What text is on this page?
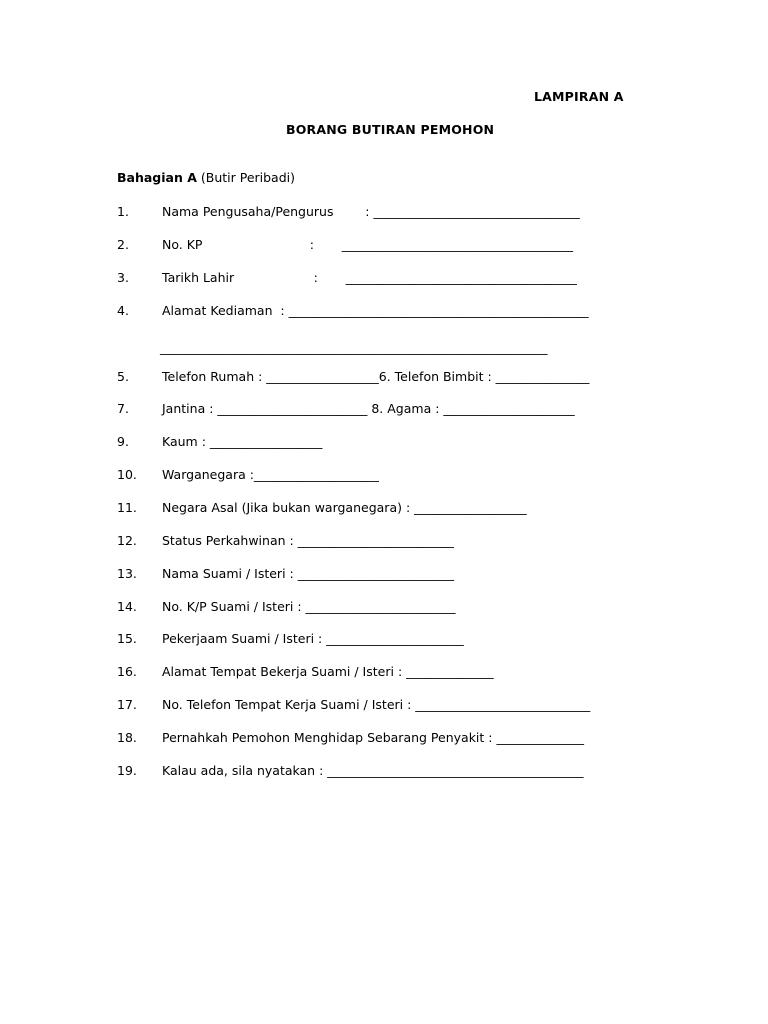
LAMPIRAN A
BORANG BUTIRAN PEMOHON
Bahagian A (Butir Peribadi)
1.	Nama Pengusaha/Pengurus        : _________________________________
2.	No. KP                           :       _____________________________________
3.	Tarikh Lahir                    :       _____________________________________
4.	Alamat Kediaman  : ________________________________________________
______________________________________________________________
5.	Telefon Rumah : __________________6. Telefon Bimbit : _______________
7.	Jantina : ________________________ 8. Agama : _____________________
9.	Kaum : __________________
10. Warganegara :____________________
11. Negara Asal (Jika bukan warganegara) : __________________
12. Status Perkahwinan : _________________________
13. Nama Suami / Isteri : _________________________
14. No. K/P Suami / Isteri : ________________________
15. Pekerjaam Suami / Isteri : ______________________
16. Alamat Tempat Bekerja Suami / Isteri : ______________
17. No. Telefon Tempat Kerja Suami / Isteri : ____________________________
18. Pernahkah Pemohon Menghidap Sebarang Penyakit : ______________
19. Kalau ada, sila nyatakan : _________________________________________
